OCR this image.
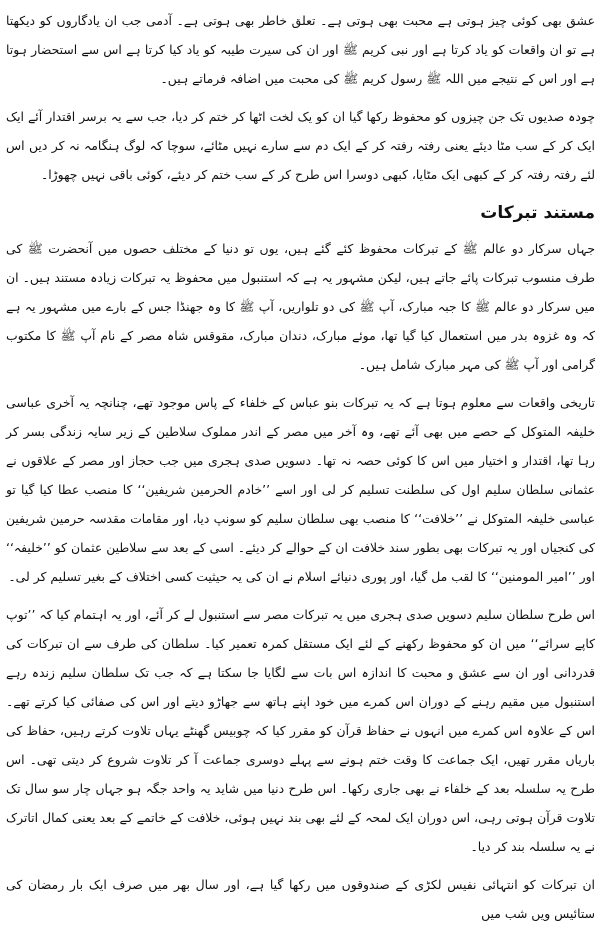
عشق بھی کوئی چیز ہوتی ہے محبت بھی ہوتی ہے۔ تعلق خاطر بھی ہوتی ہے۔ آدمی جب ان یادگاروں کو دیکھتا ہے تو ان واقعات کو یاد کرتا ہے اور نبی کریم ﷺ اور ان کی سیرت طیبہ کو یاد کیا کرتا ہے اس سے استحضار ہوتا ہے اور اس کے نتیجے میں اللہ ﷺ رسول کریم ﷺ کی محبت میں اضافہ فرماتے ہیں۔

چودہ صدیوں تک جن چیزوں کو محفوظ رکھا گیا ان کو یک لخت اٹھا کر ختم کر دیا، جب سے یہ برسر اقتدار آئے ایک ایک کر کے سب مٹا دیئے یعنی رفتہ رفتہ کر کے ایک دم سے سارے نہیں مٹائے، سوچا کہ لوگ ہنگامہ نہ کر دیں اس لئے رفتہ رفتہ کر کے کبھی ایک مٹایا، کبھی دوسرا اس طرح کر کے سب ختم کر دیئے، کوئی باقی نہیں چھوڑا۔

مستند تبرکات

جہاں سرکار دو عالم ﷺ کے تبرکات محفوظ کئے گئے ہیں، یوں تو دنیا کے مختلف حصوں میں آنحضرت ﷺ کی طرف منسوب تبرکات پائے جاتے ہیں، لیکن مشہور یہ ہے کہ استنبول میں محفوظ یہ تبرکات زیادہ مستند ہیں۔ ان میں سرکار دو عالم ﷺ کا جبہ مبارک، آپ ﷺ کی دو تلواریں، آپ ﷺ کا وہ جھنڈا جس کے بارے میں مشہور یہ ہے کہ وہ غزوہ بدر میں استعمال کیا گیا تھا، موئے مبارک، دندان مبارک، مقوقس شاہ مصر کے نام آپ ﷺ کا مکتوب گرامی اور آپ ﷺ کی مہر مبارک شامل ہیں۔

تاریخی واقعات سے معلوم ہوتا ہے کہ یہ تبرکات بنو عباس کے خلفاء کے پاس موجود تھے، چنانچہ یہ آخری عباسی خلیفہ المتوکل کے حصے میں بھی آئے تھے، وہ آخر میں مصر کے اندر مملوک سلاطین کے زیر سایہ زندگی بسر کر رہا تھا، اقتدار و اختیار میں اس کا کوئی حصہ نہ تھا۔ دسویں صدی ہجری میں جب حجاز اور مصر کے علاقوں نے عثمانی سلطان سلیم اول کی سلطنت تسلیم کر لی اور اسے ’’خادم الحرمین شریفین‘‘ کا منصب عطا کیا گیا تو عباسی خلیفہ المتوکل نے ’’خلافت‘‘ کا منصب بھی سلطان سلیم کو سونپ دیا، اور مقامات مقدسہ حرمین شریفین کی کنجیاں اور یہ تبرکات بھی بطور سند خلافت ان کے حوالے کر دیئے۔ اسی کے بعد سے سلاطین عثمان کو ’’خلیفہ‘‘ اور ’’امیر المومنین‘‘ کا لقب مل گیا، اور پوری دنیائے اسلام نے ان کی یہ حیثیت کسی اختلاف کے بغیر تسلیم کر لی۔

اس طرح سلطان سلیم دسویں صدی ہجری میں یہ تبرکات مصر سے استنبول لے کر آئے، اور یہ اہتمام کیا کہ ’’توپ کاپے سرائے‘‘ میں ان کو محفوظ رکھنے کے لئے ایک مستقل کمرہ تعمیر کیا۔ سلطان کی طرف سے ان تبرکات کی قدردانی اور ان سے عشق و محبت کا اندازہ اس بات سے لگایا جا سکتا ہے کہ جب تک سلطان سلیم زندہ رہے استنبول میں مقیم رہنے کے دوران اس کمرے میں خود اپنے ہاتھ سے جھاڑو دیتے اور اس کی صفائی کیا کرتے تھے۔ اس کے علاوہ اس کمرے میں انہوں نے حفاظ قرآن کو مقرر کیا کہ چوبیس گھنٹے یہاں تلاوت کرتے رہیں، حفاظ کی باریاں مقرر تھیں، ایک جماعت کا وقت ختم ہونے سے پہلے دوسری جماعت آ کر تلاوت شروع کر دیتی تھی۔ اس طرح یہ سلسلہ بعد کے خلفاء نے بھی جاری رکھا۔ اس طرح دنیا میں شاید یہ واحد جگہ ہو جہاں چار سو سال تک تلاوت قرآن ہوتی رہی، اس دوران ایک لمحہ کے لئے بھی بند نہیں ہوئی، خلافت کے خاتمے کے بعد یعنی کمال اتاترک نے یہ سلسلہ بند کر دیا۔

ان تبرکات کو انتہائی نفیس لکڑی کے صندوقوں میں رکھا گیا ہے، اور سال بھر میں صرف ایک بار رمضان کی ستائیس ویں شب میں
